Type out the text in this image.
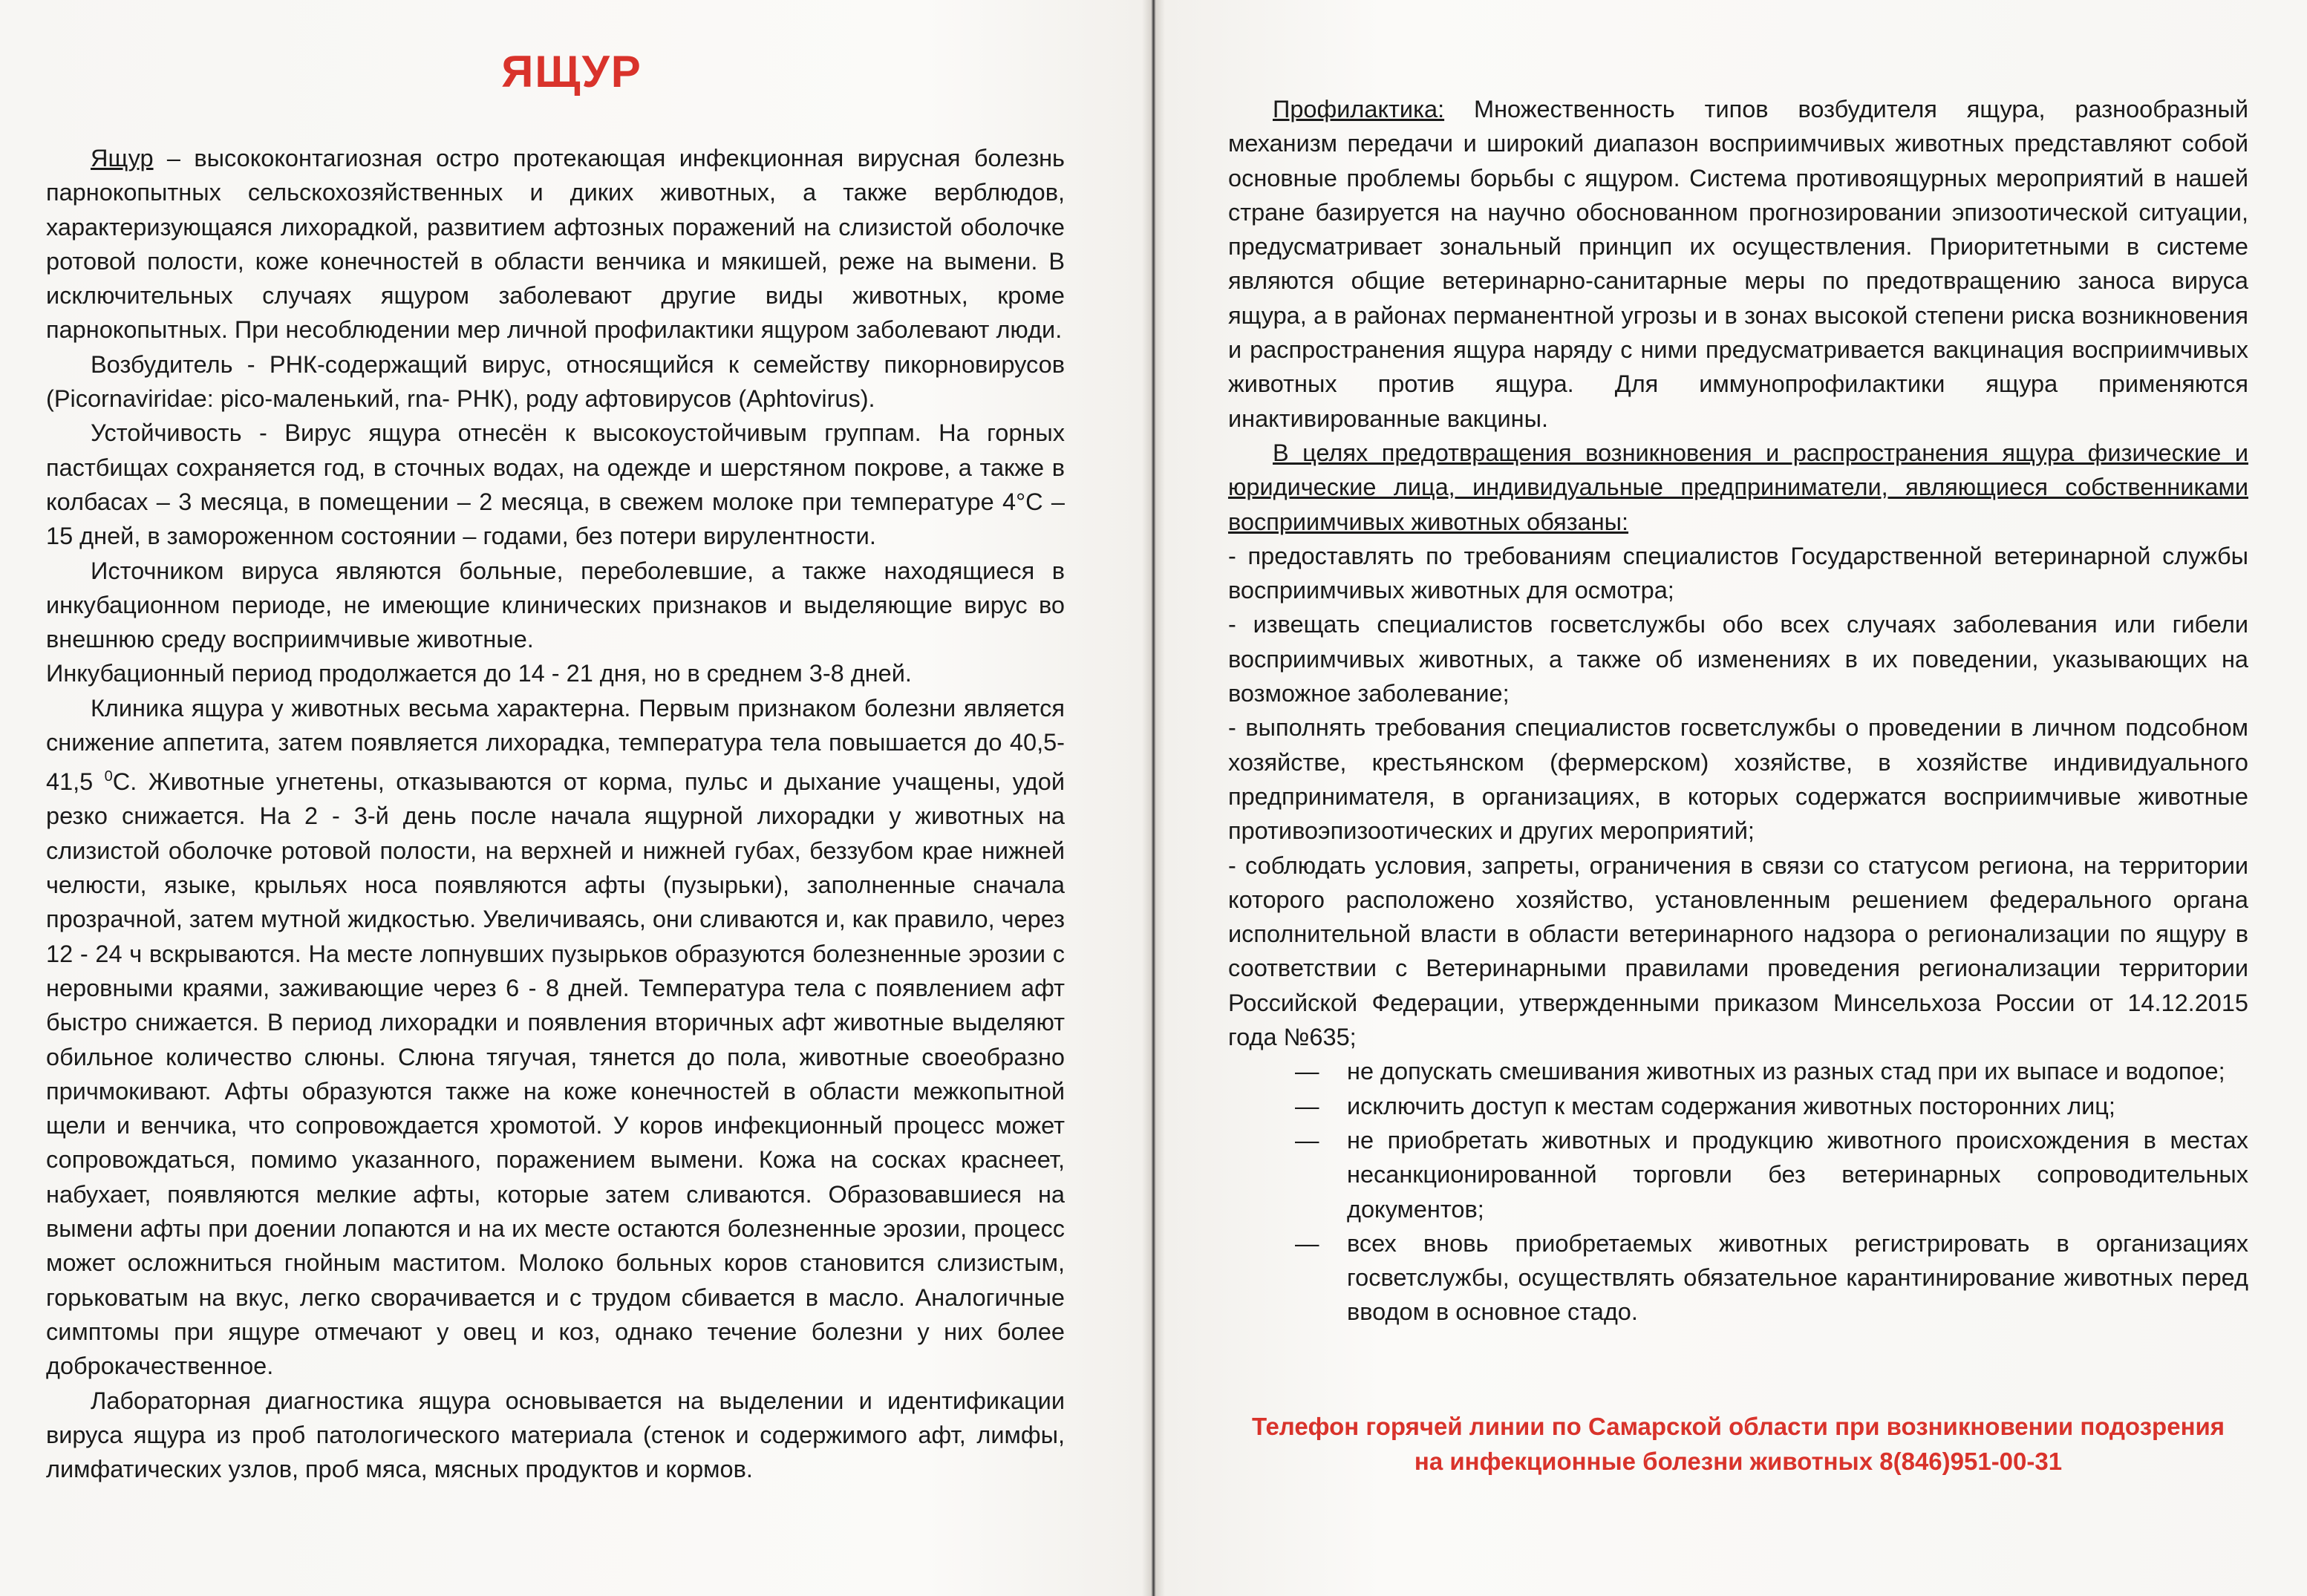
ЯЩУР

Ящур – высококонтагиозная остро протекающая инфекционная вирусная болезнь парнокопытных сельскохозяйственных и диких животных, а также верблюдов, характеризующаяся лихорадкой, развитием афтозных поражений на слизистой оболочке ротовой полости, коже конечностей в области венчика и мякишей, реже на вымени. В исключительных случаях ящуром заболевают другие виды животных, кроме парнокопытных. При несоблюдении мер личной профилактики ящуром заболевают люди.

Возбудитель - РНК-содержащий вирус, относящийся к семейству пикорновирусов (Picornaviridae: pico-маленький, rna- РНК), роду афтовирусов (Aphtovirus).

Устойчивость - Вирус ящура отнесён к высокоустойчивым группам. На горных пастбищах сохраняется год, в сточных водах, на одежде и шерстяном покрове, а также в колбасах – 3 месяца, в помещении – 2 месяца, в свежем молоке при температуре 4°С – 15 дней, в замороженном состоянии – годами, без потери вирулентности.

Источником вируса являются больные, переболевшие, а также находящиеся в инкубационном периоде, не имеющие клинических признаков и выделяющие вирус во внешнюю среду восприимчивые животные.

Инкубационный период продолжается до 14 - 21 дня, но в среднем 3-8 дней.

Клиника ящура у животных весьма характерна. Первым признаком болезни является снижение аппетита, затем появляется лихорадка, температура тела повышается до 40,5-41,5 $^0$С. Животные угнетены, отказываются от корма, пульс и дыхание учащены, удой резко снижается. На 2 - 3-й день после начала ящурной лихорадки у животных на слизистой оболочке ротовой полости, на верхней и нижней губах, беззубом крае нижней челюсти, языке, крыльях носа появляются афты (пузырьки), заполненные сначала прозрачной, затем мутной жидкостью. Увеличиваясь, они сливаются и, как правило, через 12 - 24 ч вскрываются. На месте лопнувших пузырьков образуются болезненные эрозии с неровными краями, заживающие через 6 - 8 дней. Температура тела с появлением афт быстро снижается. В период лихорадки и появления вторичных афт животные выделяют обильное количество слюны. Слюна тягучая, тянется до пола, животные своеобразно причмокивают. Афты образуются также на коже конечностей в области межкопытной щели и венчика, что сопровождается хромотой. У коров инфекционный процесс может сопровождаться, помимо указанного, поражением вымени. Кожа на сосках краснеет, набухает, появляются мелкие афты, которые затем сливаются. Образовавшиеся на вымени афты при доении лопаются и на их месте остаются болезненные эрозии, процесс может осложниться гнойным маститом. Молоко больных коров становится слизистым, горьковатым на вкус, легко сворачивается и с трудом сбивается в масло. Аналогичные симптомы при ящуре отмечают у овец и коз, однако течение болезни у них более доброкачественное.

Лабораторная диагностика ящура основывается на выделении и идентификации вируса ящура из проб патологического материала (стенок и содержимого афт, лимфы, лимфатических узлов, проб мяса, мясных продуктов и кормов.

Профилактика: Множественность типов возбудителя ящура, разнообразный механизм передачи и широкий диапазон восприимчивых животных представляют собой основные проблемы борьбы с ящуром. Система противоящурных мероприятий в нашей стране базируется на научно обоснованном прогнозировании эпизоотической ситуации, предусматривает зональный принцип их осуществления. Приоритетными в системе являются общие ветеринарно-санитарные меры по предотвращению заноса вируса ящура, а в районах перманентной угрозы и в зонах высокой степени риска возникновения и распространения ящура наряду с ними предусматривается вакцинация восприимчивых животных против ящура. Для иммунопрофилактики ящура применяются инактивированные вакцины.

В целях предотвращения возникновения и распространения ящура физические и юридические лица, индивидуальные предприниматели, являющиеся собственниками восприимчивых животных обязаны:

- предоставлять по требованиям специалистов Государственной ветеринарной службы восприимчивых животных для осмотра;

- извещать специалистов госветслужбы обо всех случаях заболевания или гибели восприимчивых животных, а также об изменениях в их поведении, указывающих на возможное заболевание;

- выполнять требования специалистов госветслужбы о проведении в личном подсобном хозяйстве, крестьянском (фермерском) хозяйстве, в хозяйстве индивидуального предпринимателя, в организациях, в которых содержатся восприимчивые животные противоэпизоотических и других мероприятий;

- соблюдать условия, запреты, ограничения в связи со статусом региона, на территории которого расположено хозяйство, установленным решением федерального органа исполнительной власти в области ветеринарного надзора о регионализации по ящуру в соответствии с Ветеринарными правилами проведения регионализации территории Российской Федерации, утвержденными приказом Минсельхоза России от 14.12.2015 года №635;

— не допускать смешивания животных из разных стад при их выпасе и водопое;
— исключить доступ к местам содержания животных посторонних лиц;
— не приобретать животных и продукцию животного происхождения в местах несанкционированной торговли без ветеринарных сопроводительных документов;
— всех вновь приобретаемых животных регистрировать в организациях госветслужбы, осуществлять обязательное карантинирование животных перед вводом в основное стадо.
Телефон горячей линии по Самарской области при возникновении подозрения
на инфекционные болезни животных 8(846)951-00-31
